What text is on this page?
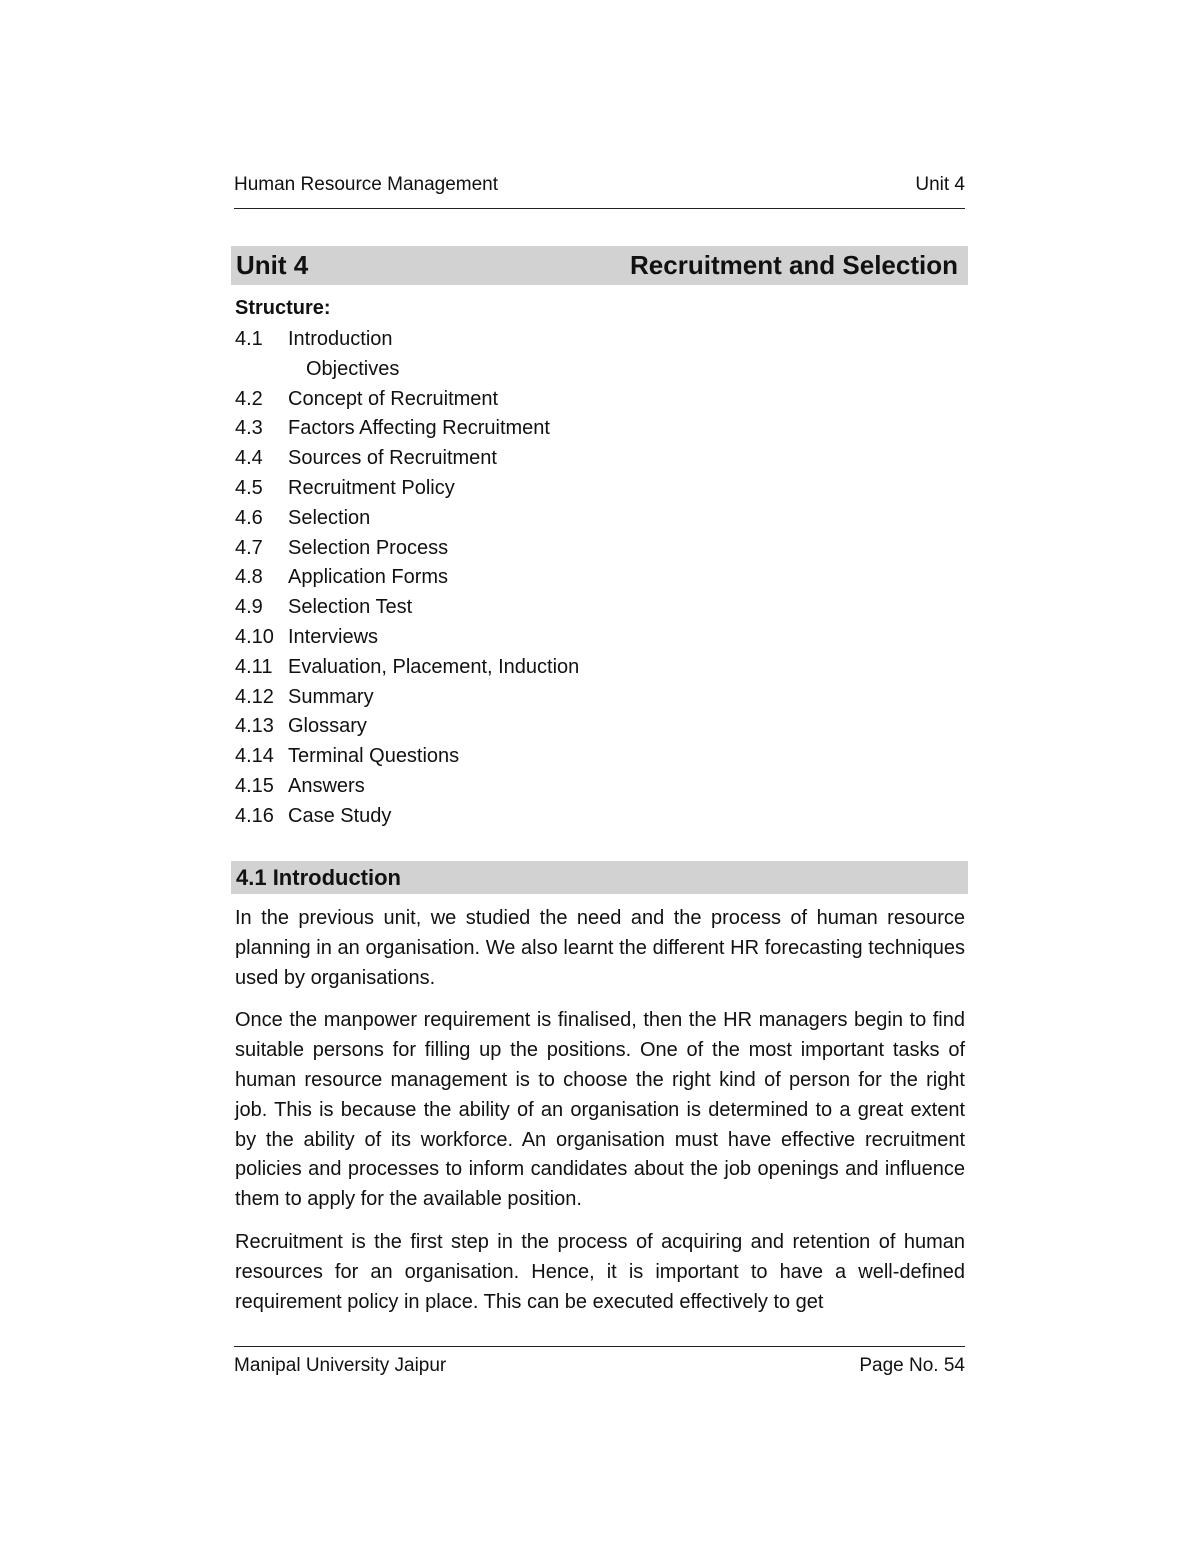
Human Resource Management	Unit 4
Unit 4	Recruitment and Selection
Structure:
4.1	Introduction
Objectives
4.2	Concept of Recruitment
4.3	Factors Affecting Recruitment
4.4	Sources of Recruitment
4.5	Recruitment Policy
4.6	Selection
4.7	Selection Process
4.8	Application Forms
4.9	Selection Test
4.10 Interviews
4.11 Evaluation, Placement, Induction
4.12 Summary
4.13 Glossary
4.14 Terminal Questions
4.15 Answers
4.16 Case Study
4.1 Introduction

In the previous unit, we studied the need and the process of human resource planning in an organisation. We also learnt the different HR forecasting techniques used by organisations.

Once the manpower requirement is finalised, then the HR managers begin to find suitable persons for filling up the positions. One of the most important tasks of human resource management is to choose the right kind of person for the right job. This is because the ability of an organisation is determined to a great extent by the ability of its workforce. An organisation must have effective recruitment policies and processes to inform candidates about the job openings and influence them to apply for the available position.

Recruitment is the first step in the process of acquiring and retention of human resources for an organisation. Hence, it is important to have a well-defined requirement policy in place. This can be executed effectively to get

Manipal University Jaipur	Page No. 54
